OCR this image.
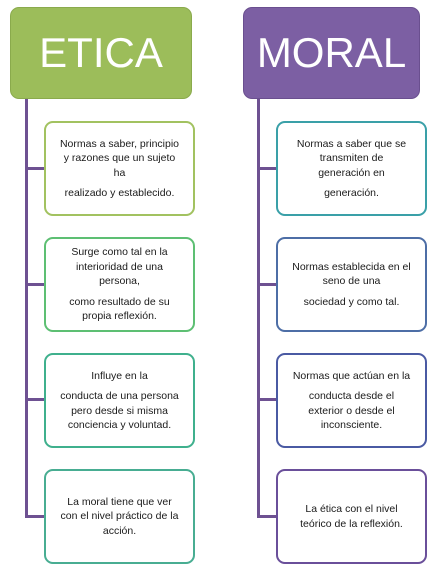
ETICA MORAL
Normas a saber, principio
y razones que un sujeto
ha
realizado y establecido.
Surge como tal en la
interioridad de una
persona,
como resultado de su propia reflexión.
Influye en la
conducta de una persona pero desde si misma conciencia y voluntad.
La moral tiene que ver
con el nivel práctico de la
acción.
Normas a saber que se
transmiten de
generación en
generación.
Normas establecida en el
seno de una
sociedad y como tal.
Normas que actúan en la
conducta desde el exterior o desde el inconsciente.
La ética con el nivel
teórico de la reflexión.
